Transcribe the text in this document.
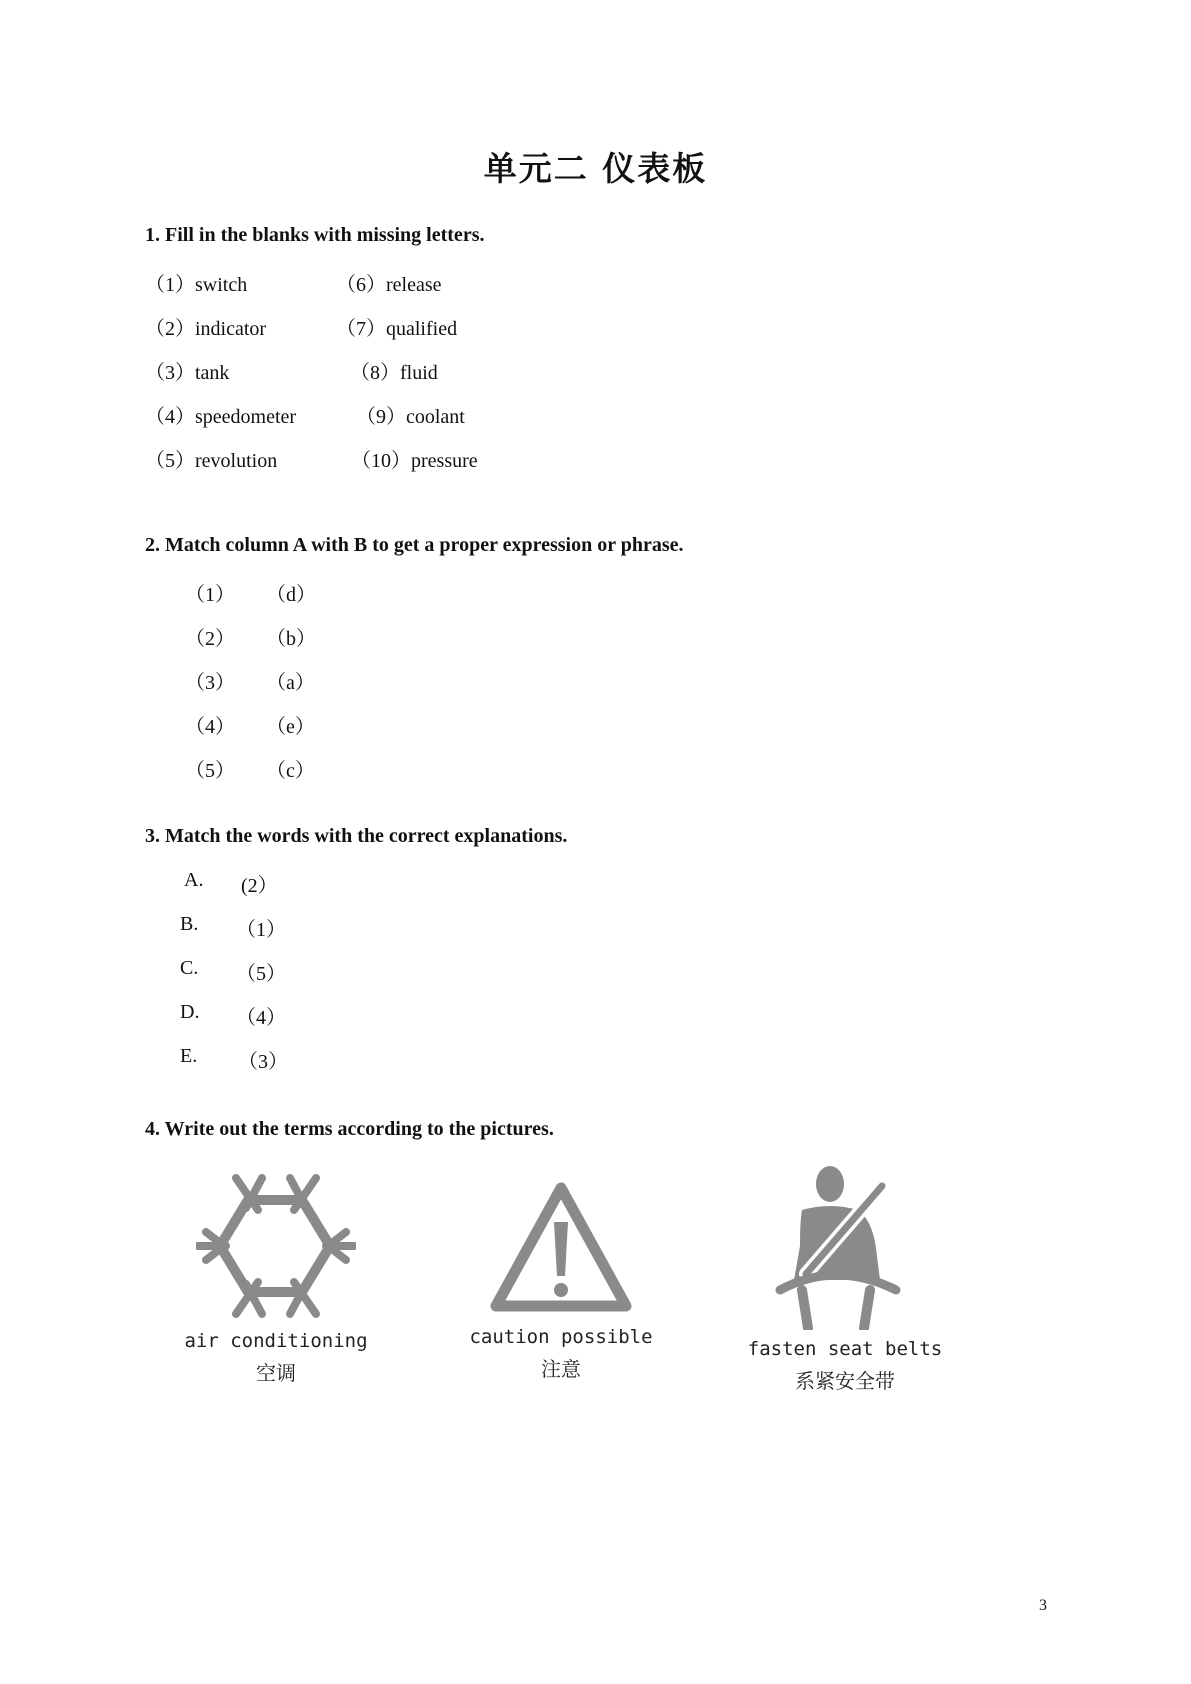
单元二 仪表板
1. Fill in the blanks with missing letters.
（1）switch
（2）indicator
（3）tank
（4）speedometer
（5）revolution
（6）release
（7）qualified
（8）fluid
（9）coolant
（10）pressure
2. Match column A with B to get a proper expression or phrase.
（1） （d）
（2） （b）
（3） （a）
（4） （e）
（5） （c）
3. Match the words with the correct explanations.
A. (2）
B. （1）
C. （5）
D. （4）
E. （3）
4. Write out the terms according to the pictures.
air conditioning
空调
caution possible
注意
fasten seat belts
系紧安全带
3
